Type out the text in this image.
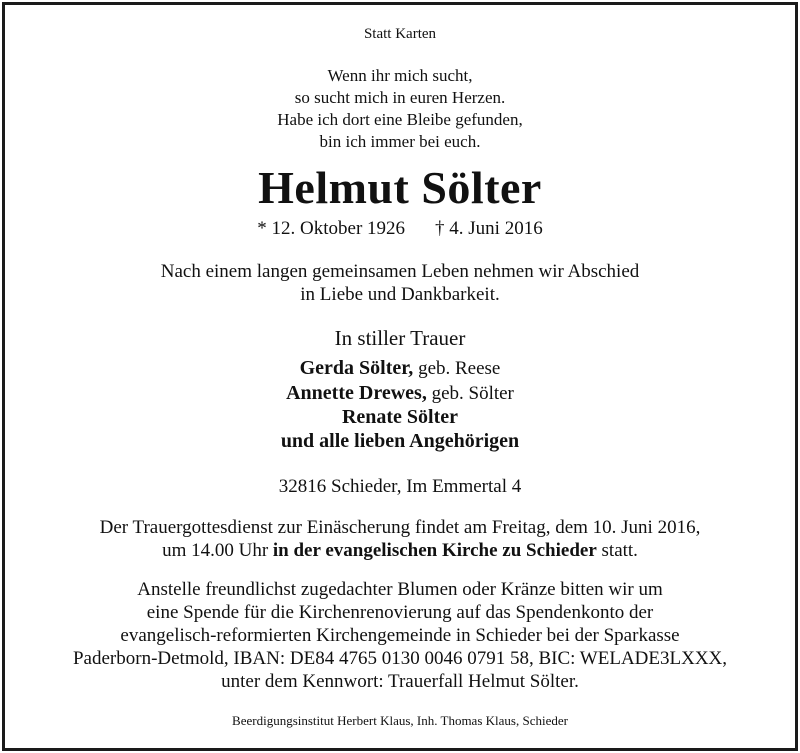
Statt Karten
Wenn ihr mich sucht,
so sucht mich in euren Herzen.
Habe ich dort eine Bleibe gefunden,
bin ich immer bei euch.
Helmut Sölter
* 12. Oktober 1926 † 4. Juni 2016
Nach einem langen gemeinsamen Leben nehmen wir Abschied
in Liebe und Dankbarkeit.
In stiller Trauer
Gerda Sölter, geb. Reese
Annette Drewes, geb. Sölter
Renate Sölter
und alle lieben Angehörigen
32816 Schieder, Im Emmertal 4
Der Trauergottesdienst zur Einäscherung findet am Freitag, dem 10. Juni 2016,
um 14.00 Uhr in der evangelischen Kirche zu Schieder statt.
Anstelle freundlichst zugedachter Blumen oder Kränze bitten wir um
eine Spende für die Kirchenrenovierung auf das Spendenkonto der
evangelisch-reformierten Kirchengemeinde in Schieder bei der Sparkasse
Paderborn-Detmold, IBAN: DE84 4765 0130 0046 0791 58, BIC: WELADE3LXXX,
unter dem Kennwort: Trauerfall Helmut Sölter.
Beerdigungsinstitut Herbert Klaus, Inh. Thomas Klaus, Schieder
